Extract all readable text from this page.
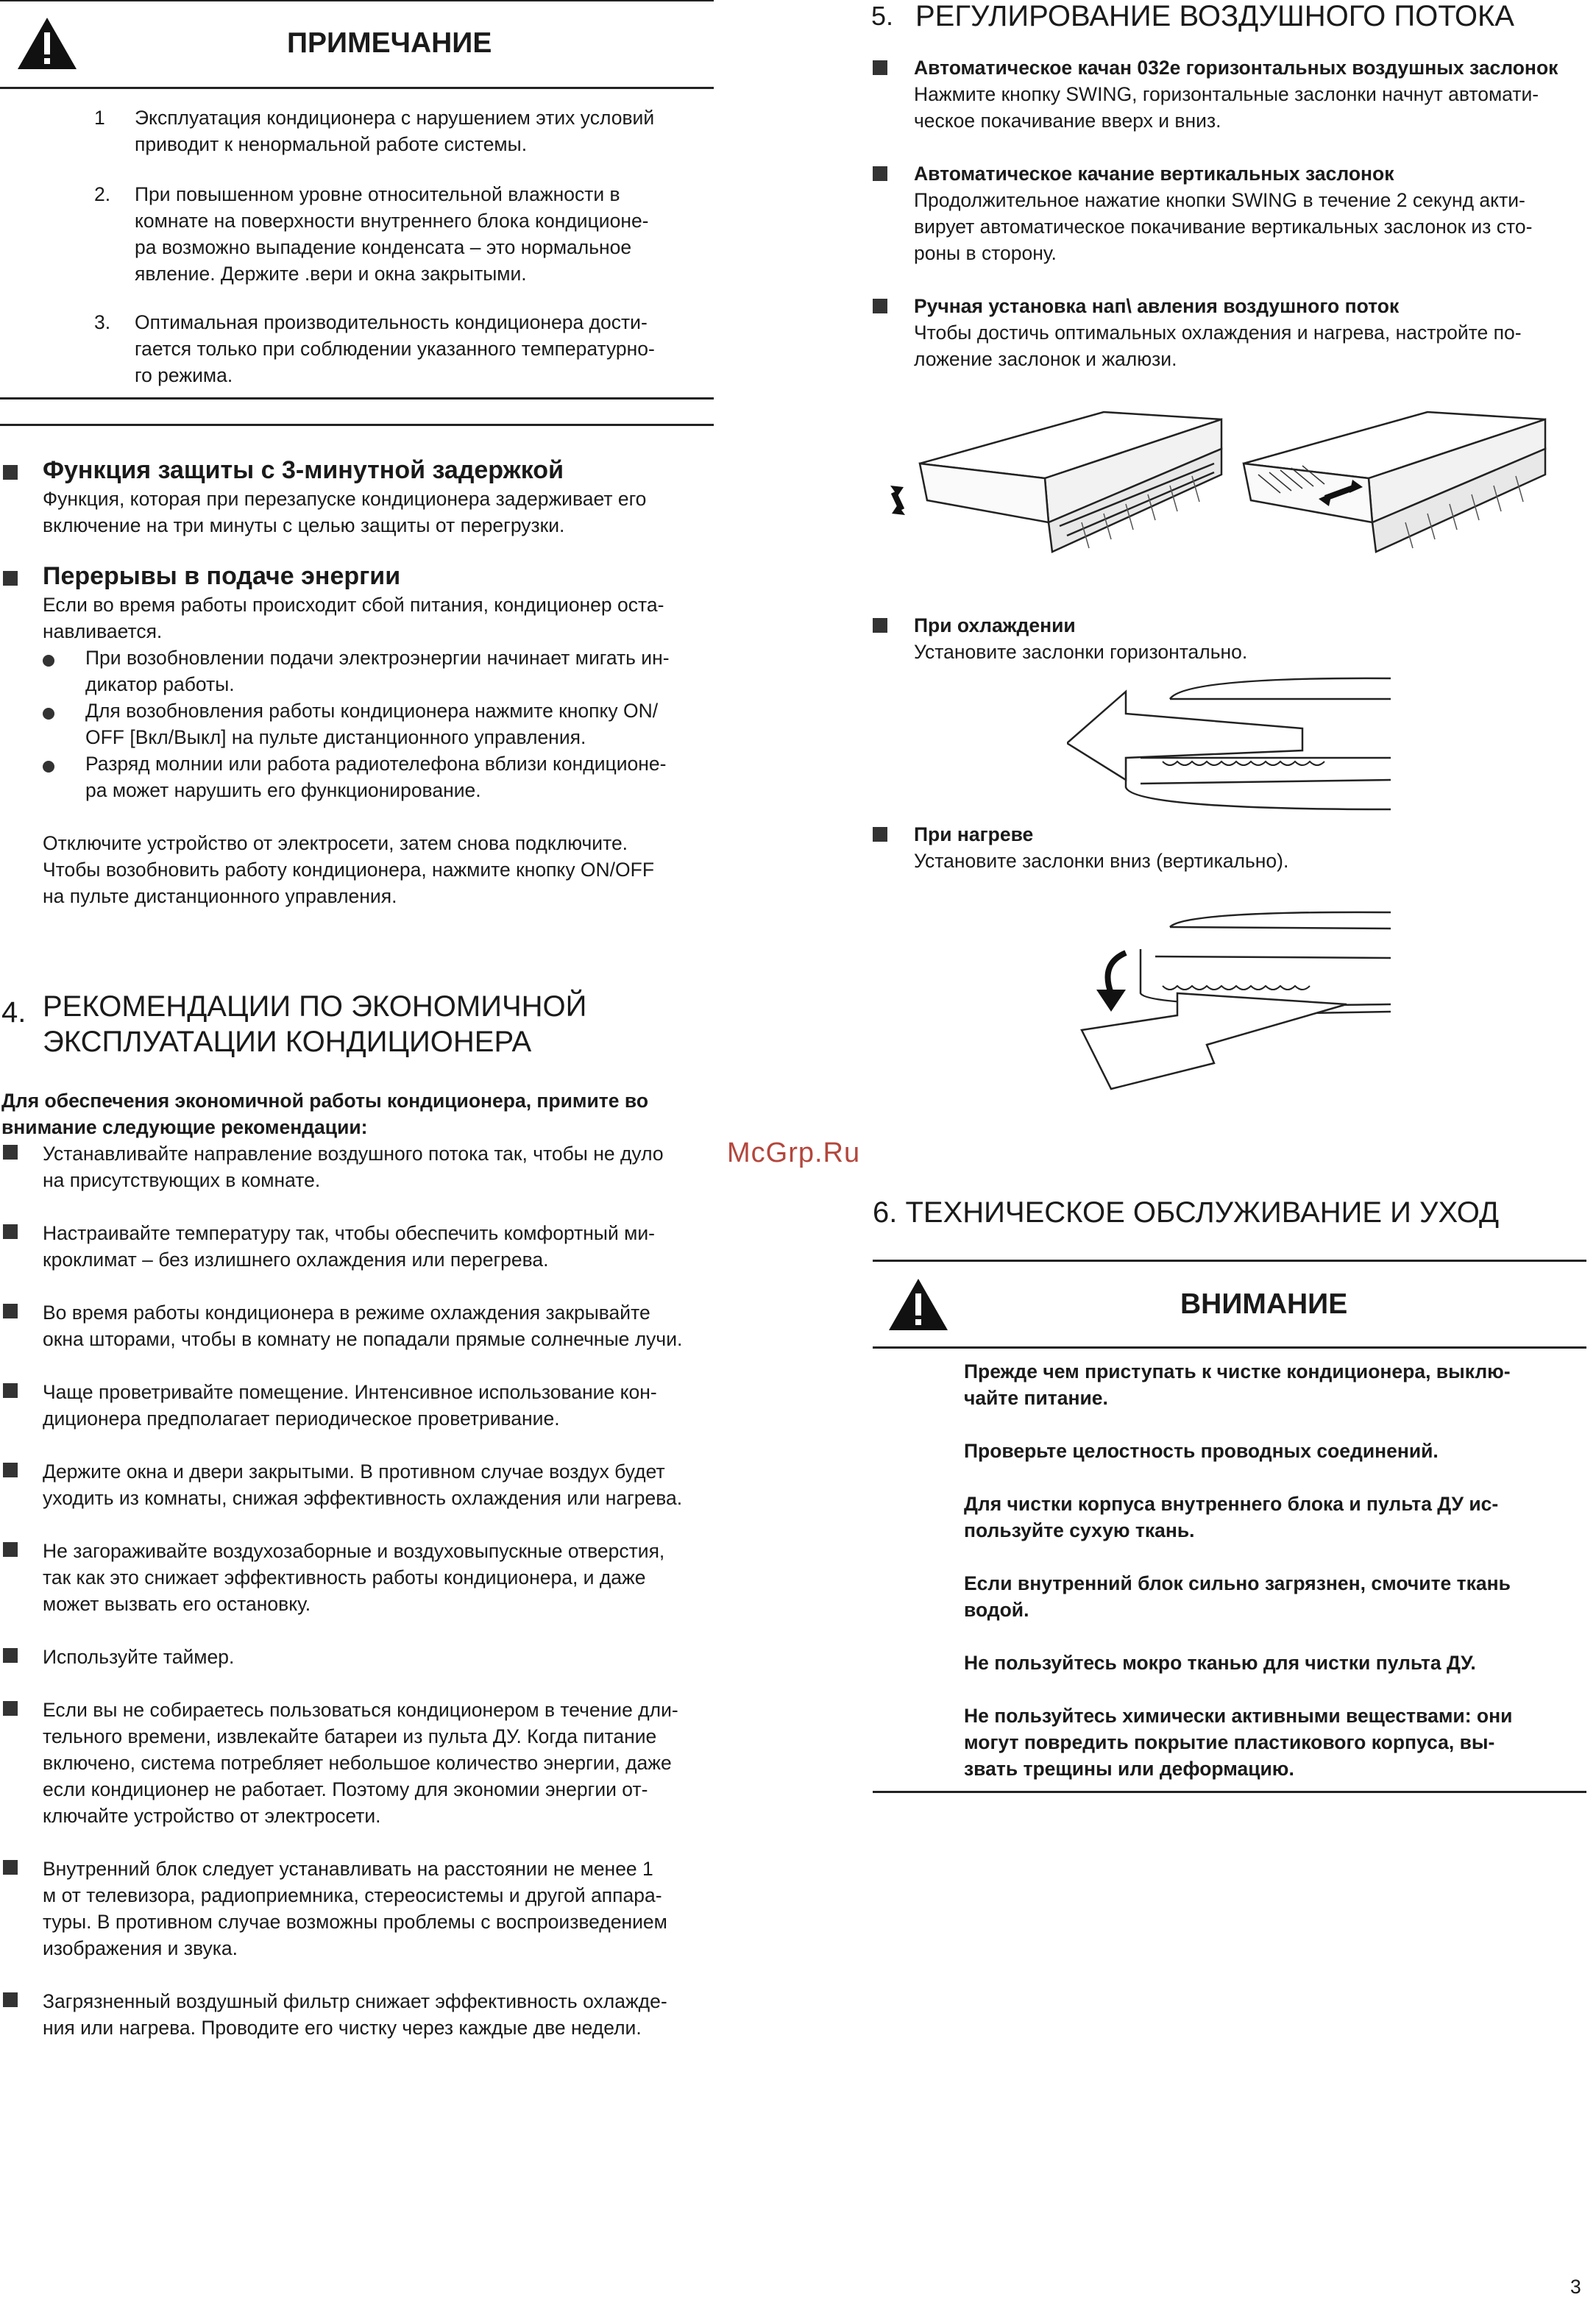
ПРИМЕЧАНИЕ
1 Эксплуатация кондиционера с нарушением этих условий
приводит к ненормальной работе системы.
2. При повышенном уровне относительной влажности в
комнате на поверхности внутреннего блока кондиционе-
ра возможно выпадение конденсата – это нормальное
явление. Держите .вери и окна закрытыми.
3. Оптимальная производительность кондиционера дости-
гается только при соблюдении указанного температурно-
го режима.
Функция защиты с 3-минутной задержкой
Функция, которая при перезапуске кондиционера задерживает его
включение на три минуты с целью защиты от перегрузки.
Перерывы в подаче энергии
Если во время работы происходит сбой питания, кондиционер оста-
навливается.
При возобновлении подачи электроэнергии начинает мигать ин-
дикатор работы.
Для возобновления работы кондиционера нажмите кнопку ON/
OFF [Вкл/Выкл] на пульте дистанционного управления.
Разряд молнии или работа радиотелефона вблизи кондиционе-
ра может нарушить его функционирование.
Отключите устройство от электросети, затем снова подключите.
Чтобы возобновить работу кондиционера, нажмите кнопку ON/OFF
на пульте дистанционного управления.
4. РЕКОМЕНДАЦИИ ПО ЭКОНОМИЧНОЙ
ЭКСПЛУАТАЦИИ КОНДИЦИОНЕРА
Для обеспечения экономичной работы кондиционера, примите во
внимание следующие рекомендации:
Устанавливайте направление воздушного потока так, чтобы не дуло
на присутствующих в комнате.
Настраивайте температуру так, чтобы обеспечить комфортный ми-
кроклимат – без излишнего охлаждения или перегрева.
Во время работы кондиционера в режиме охлаждения закрывайте
окна шторами, чтобы в комнату не попадали прямые солнечные лучи.
Чаще проветривайте помещение. Интенсивное использование кон-
диционера предполагает периодическое проветривание.
Держите окна и двери закрытыми. В противном случае воздух будет
уходить из комнаты, снижая эффективность охлаждения или нагрева.
Не загораживайте воздухозаборные и воздуховыпускные отверстия,
так как это снижает эффективность работы кондиционера, и даже
может вызвать его остановку.
Используйте таймер.
Если вы не собираетесь пользоваться кондиционером в течение дли-
тельного времени, извлекайте батареи из пульта ДУ. Когда питание
включено, система потребляет небольшое количество энергии, даже
если кондиционер не работает. Поэтому для экономии энергии от-
ключайте устройство от электросети.
Внутренний блок следует устанавливать на расстоянии не менее 1
м от телевизора, радиоприемника, стереосистемы и другой аппара-
туры. В противном случае возможны проблемы с воспроизведением
изображения и звука.
Загрязненный воздушный фильтр снижает эффективность охлажде-
ния или нагрева. Проводите его чистку через каждые две недели.
McGrp.Ru
5. РЕГУЛИРОВАНИЕ ВОЗДУШНОГО ПОТОКА
Автоматическое качан 032е горизонтальных воздушных заслонок
Нажмите кнопку SWING, горизонтальные заслонки начнут автомати-
ческое покачивание вверх и вниз.
Автоматическое качание вертикальных заслонок
Продолжительное нажатие кнопки SWING в течение 2 секунд акти-
вирует автоматическое покачивание вертикальных заслонок из сто-
роны в сторону.
Ручная установка нап\ авления воздушного поток
Чтобы достичь оптимальных охлаждения и нагрева, настройте по-
ложение заслонок и жалюзи.
При охлаждении
Установите заслонки горизонтально.
При нагреве
Установите заслонки вниз (вертикально).
6. ТЕХНИЧЕСКОЕ ОБСЛУЖИВАНИЕ И УХОД
ВНИМАНИЕ
Прежде чем приступать к чистке кондиционера, выклю-
чайте питание.
Проверьте целостность проводных соединений.
Для чистки корпуса внутреннего блока и пульта ДУ ис-
пользуйте сухую ткань.
Если внутренний блок сильно загрязнен, смочите ткань
водой.
Не пользуйтесь мокро тканью для чистки пульта ДУ.
Не пользуйтесь химически активными веществами: они
могут повредить покрытие пластикового корпуса, вы-
звать трещины или деформацию.
3
